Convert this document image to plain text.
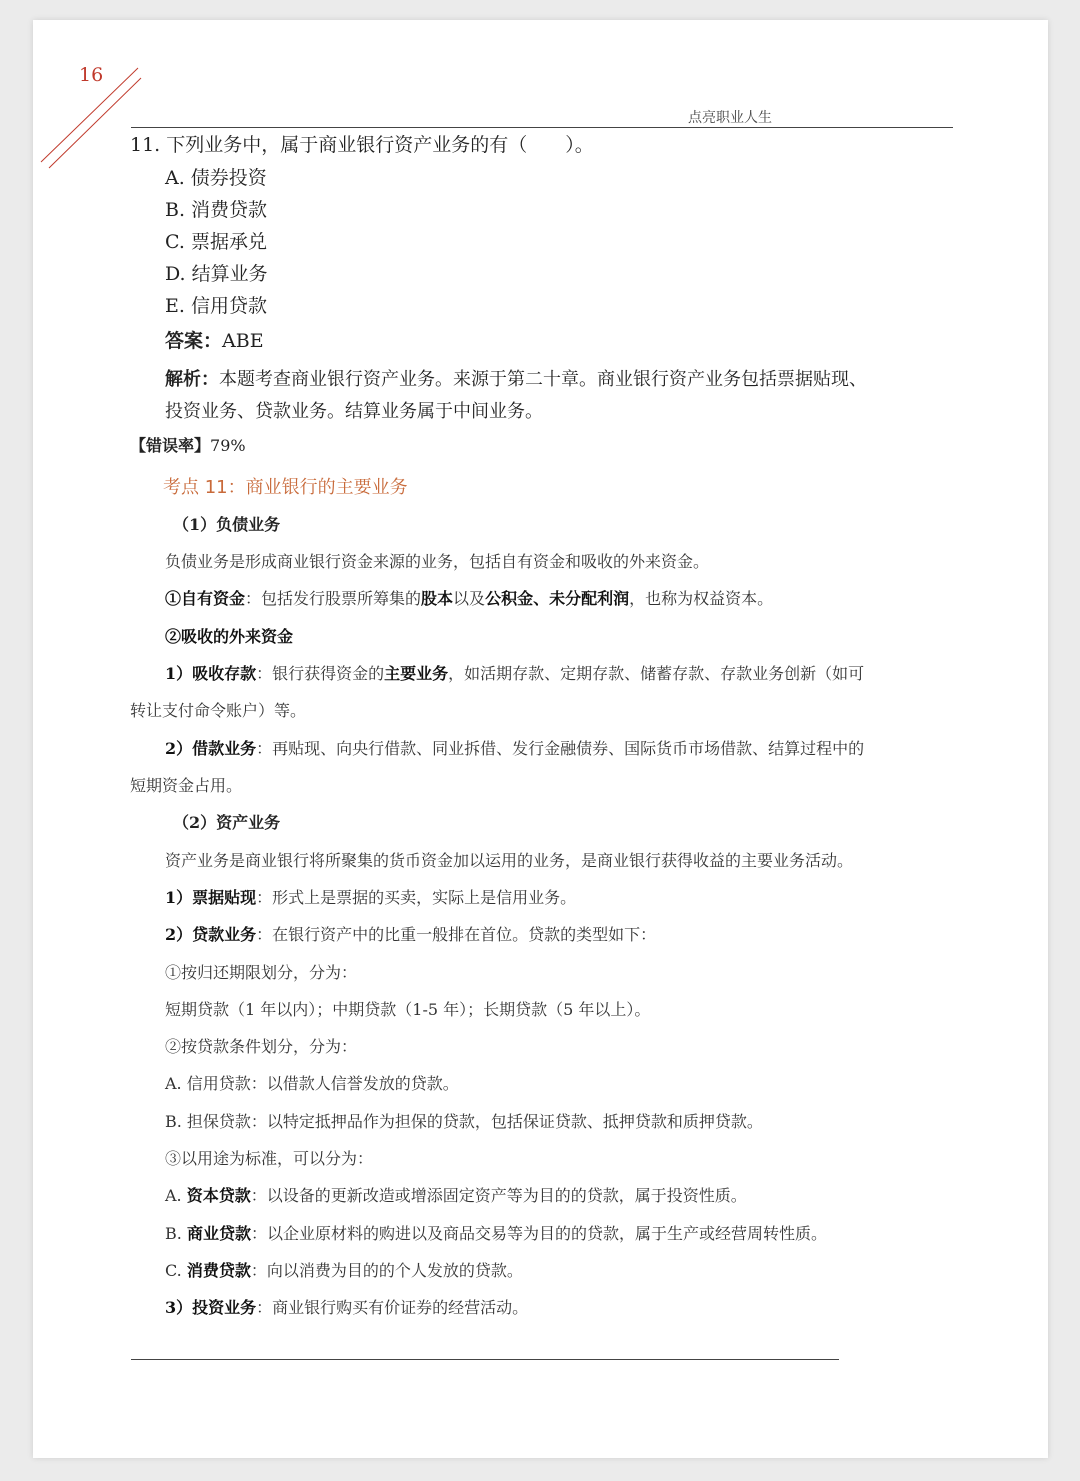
16
点亮职业人生
11. 下列业务中，属于商业银行资产业务的有（　　）。
A. 债券投资
B. 消费贷款
C. 票据承兑
D. 结算业务
E. 信用贷款
答案：ABE
解析：本题考查商业银行资产业务。来源于第二十章。商业银行资产业务包括票据贴现、
投资业务、贷款业务。结算业务属于中间业务。
【错误率】79%
考点 11：商业银行的主要业务
（1）负债业务
负债业务是形成商业银行资金来源的业务，包括自有资金和吸收的外来资金。
①自有资金：包括发行股票所筹集的股本以及公积金、未分配利润，也称为权益资本。
②吸收的外来资金
1）吸收存款：银行获得资金的主要业务，如活期存款、定期存款、储蓄存款、存款业务创新（如可
转让支付命令账户）等。
2）借款业务：再贴现、向央行借款、同业拆借、发行金融债券、国际货币市场借款、结算过程中的
短期资金占用。
（2）资产业务
资产业务是商业银行将所聚集的货币资金加以运用的业务，是商业银行获得收益的主要业务活动。
1）票据贴现：形式上是票据的买卖，实际上是信用业务。
2）贷款业务：在银行资产中的比重一般排在首位。贷款的类型如下：
①按归还期限划分，分为：
短期贷款（1 年以内）；中期贷款（1-5 年）；长期贷款（5 年以上）。
②按贷款条件划分，分为：
A. 信用贷款：以借款人信誉发放的贷款。
B. 担保贷款：以特定抵押品作为担保的贷款，包括保证贷款、抵押贷款和质押贷款。
③以用途为标准，可以分为：
A. 资本贷款：以设备的更新改造或增添固定资产等为目的的贷款，属于投资性质。
B. 商业贷款：以企业原材料的购进以及商品交易等为目的的贷款，属于生产或经营周转性质。
C. 消费贷款：向以消费为目的的个人发放的贷款。
3）投资业务：商业银行购买有价证券的经营活动。
